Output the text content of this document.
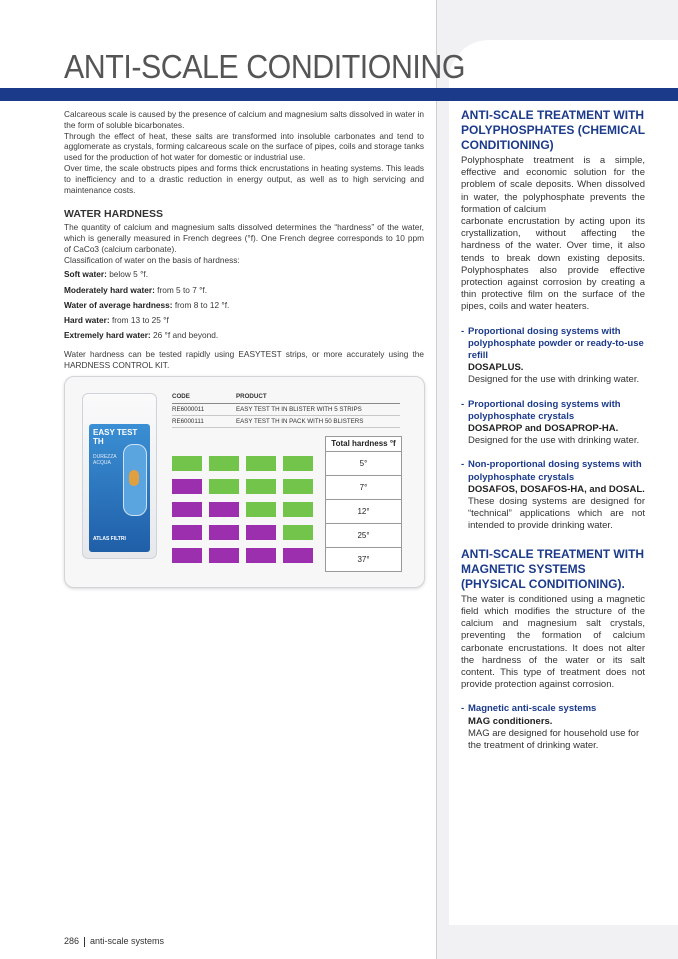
ANTI-SCALE CONDITIONING

Calcareous scale is caused by the presence of calcium and magnesium salts dissolved in water in the form of soluble bicarbonates.

Through the effect of heat, these salts are transformed into insoluble carbonates and tend to agglomerate as crystals, forming calcareous scale on the surface of pipes, coils and storage tanks used for the production of hot water for domestic or industrial use.

Over time, the scale obstructs pipes and forms thick encrustations in heating systems. This leads to inefficiency and to a drastic reduction in energy output, as well as to high servicing and maintenance costs.

WATER HARDNESS

The quantity of calcium and magnesium salts dissolved determines the “hardness” of the water, which is generally measured in French degrees (°f). One French degree corresponds to 10 ppm of CaCo3 (calcium carbonate).

Classification of water on the basis of hardness:

Soft water: below 5 °f.

Moderately hard water: from 5 to 7 °f.

Water of average hardness: from 8 to 12 °f.

Hard water: from 13 to 25 °f

Extremely hard water: 26 °f and beyond.

Water hardness can be tested rapidly using EASYTEST strips, or more accurately using the HARDNESS CONTROL KIT.

EASY TEST TH
DUREZZA ACQUA
ATLAS FILTRI
CODE	PRODUCT
RE6000011	EASY TEST TH IN BLISTER WITH 5 STRIPS
RE6000111	EASY TEST TH IN PACK WITH 50 BLISTERS
Total hardness °f
5°
7°
12°
25°
37°
ANTI-SCALE TREATMENT WITH POLYPHOSPHATES (CHEMICAL CONDITIONING)

Polyphosphate treatment is a simple, effective and economic solution for the problem of scale deposits. When dissolved in water, the polyphosphate prevents the formation of calcium

carbonate encrustation by acting upon its crystallization, without affecting the hardness of the water. Over time, it also tends to break down existing deposits. Polyphosphates also provide effective protection against corrosion by creating a thin protective film on the surface of the pipes, coils and water heaters.

- Proportional dosing systems with polyphosphate powder or ready-to-use refill
DOSAPLUS.
Designed for the use with drinking water.
- Proportional dosing systems with polyphosphate crystals
DOSAPROP and DOSAPROP-HA.
Designed for the use with drinking water.
- Non-proportional dosing systems with polyphosphate crystals
DOSAFOS, DOSAFOS-HA, and DOSAL.
These dosing systems are designed for “technical” applications which are not intended to provide drinking water.
ANTI-SCALE TREATMENT WITH MAGNETIC SYSTEMS (PHYSICAL CONDITIONING).

The water is conditioned using a magnetic field which modifies the structure of the calcium and magnesium salt crystals, preventing the formation of calcium carbonate encrustations. It does not alter the hardness of the water or its salt content. This type of treatment does not provide protection against corrosion.

- Magnetic anti-scale systems
MAG conditioners.
MAG are designed for household use for the treatment of drinking water.
286 anti-scale systems
